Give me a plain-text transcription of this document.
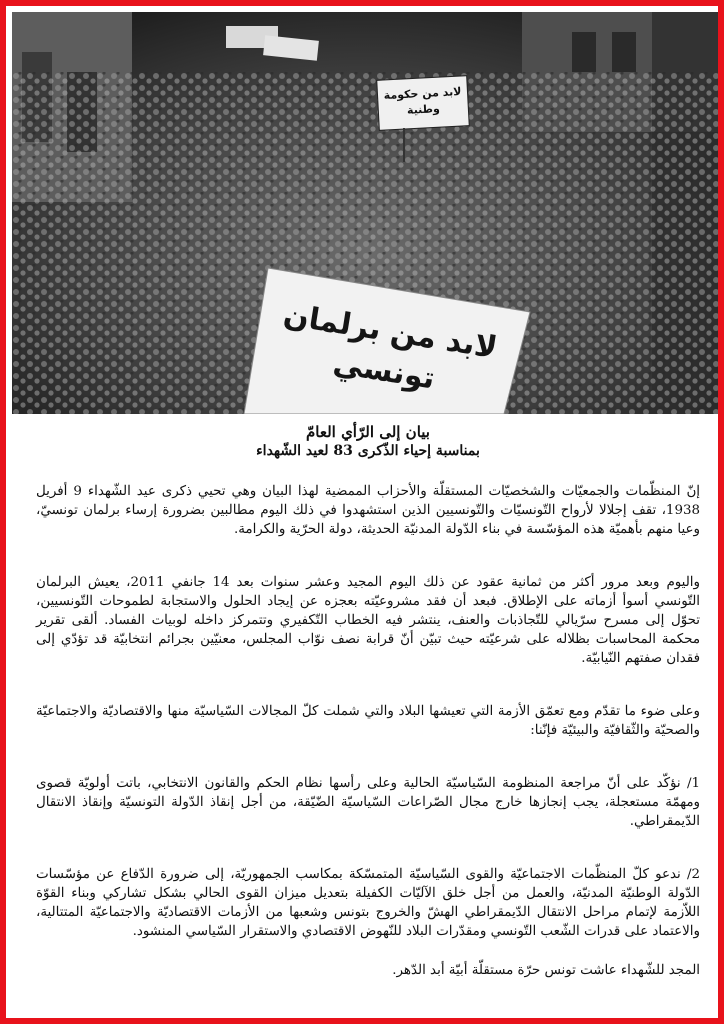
لابد من حكومة وطنية
لابد من برلمان تونسي
بيان إلى الرّأي العامّ
بمناسبة إحياء الذّكرى 83 لعيد الشّهداء

إنّ المنظّمات والجمعيّات والشخصيّات المستقلّة والأحزاب الممضية لهذا البيان وهي تحيي ذكرى عيد الشّهداء 9 أفريل 1938، تقف إجلالا لأرواح التّونسيّات والتّونسيين الذين استشهدوا في ذلك اليوم مطالبين بضرورة إرساء برلمان تونسيّ، وعيا منهم بأهميّة هذه المؤسّسة في بناء الدّولة المدنيّة الحديثة، دولة الحرّية والكرامة.

واليوم وبعد مرور أكثر من ثمانية عقود عن ذلك اليوم المجيد وعشر سنوات بعد 14 جانفي 2011، يعيش البرلمان التّونسي أسوأ أزماته على الإطلاق. فبعد أن فقد مشروعيّته بعجزه عن إيجاد الحلول والاستجابة لطموحات التّونسيين، تحوّل إلى مسرح سرّيالي للتّجاذبات والعنف، ينتشر فيه الخطاب التّكفيري وتتمركز داخله لوبيات الفساد. ألقى تقرير محكمة المحاسبات بظلاله على شرعيّته حيث تبيّن أنّ قرابة نصف نوّاب المجلس، معنيّين بجرائم انتخابيّة قد تؤدّي إلى فقدان صفتهم النّيابيّة.

وعلى ضوء ما تقدّم ومع تعمّق الأزمة التي تعيشها البلاد والتي شملت كلّ المجالات السّياسيّة منها والاقتصاديّة والاجتماعيّة والصحيّة والثّقافيّة والبيئيّة فإنّنا:

1/ نؤكّد على أنّ مراجعة المنظومة السّياسيّة الحالية وعلى رأسها نظام الحكم والقانون الانتخابي، باتت أولويّة قصوى ومهمّة مستعجلة، يجب إنجازها خارج مجال الصّراعات السّياسيّة الضّيّقة، من أجل إنقاذ الدّولة التونسيّة وإنقاذ الانتقال الدّيمقراطي.

2/ ندعو كلّ المنظّمات الاجتماعيّة والقوى السّياسيّة المتمسّكة بمكاسب الجمهوريّة، إلى ضرورة الدّفاع عن مؤسّسات الدّولة الوطنيّة المدنيّة، والعمل من أجل خلق الآليّات الكفيلة بتعديل ميزان القوى الحالي بشكل تشاركي وبناء القوّة اللاّزمة لإتمام مراحل الانتقال الدّيمقراطي الهشّ والخروج بتونس وشعبها من الأزمات الاقتصاديّة والاجتماعيّة المتتالية، والاعتماد على قدرات الشّعب التّونسي ومقدّرات البلاد للنّهوض الاقتصادي والاستقرار السّياسي المنشود.

المجد للشّهداء عاشت تونس حرّة مستقلّة أبيّة أبد الدّهر.
